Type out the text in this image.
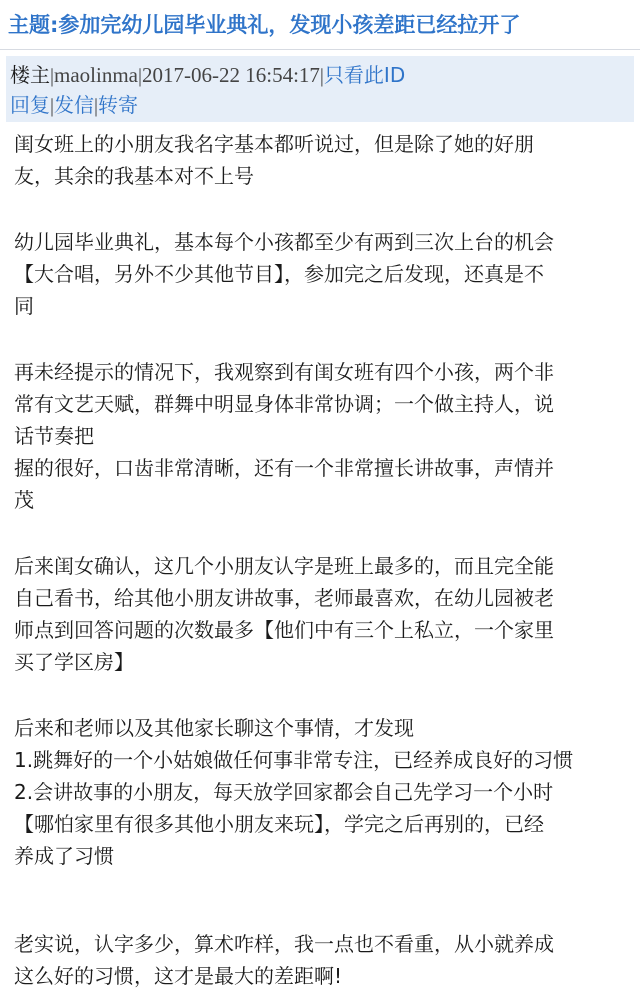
主题:参加完幼儿园毕业典礼，发现小孩差距已经拉开了
楼主|maolinma|2017-06-22 16:54:17|只看此ID
回复|发信|转寄
闺女班上的小朋友我名字基本都听说过，但是除了她的好朋
友，其余的我基本对不上号
幼儿园毕业典礼，基本每个小孩都至少有两到三次上台的机会
【大合唱，另外不少其他节目】，参加完之后发现，还真是不
同
再未经提示的情况下，我观察到有闺女班有四个小孩，两个非
常有文艺天赋，群舞中明显身体非常协调；一个做主持人，说
话节奏把
握的很好，口齿非常清晰，还有一个非常擅长讲故事，声情并
茂
后来闺女确认，这几个小朋友认字是班上最多的，而且完全能
自己看书，给其他小朋友讲故事，老师最喜欢，在幼儿园被老
师点到回答问题的次数最多【他们中有三个上私立，一个家里
买了学区房】
后来和老师以及其他家长聊这个事情，才发现
1.跳舞好的一个小姑娘做任何事非常专注，已经养成良好的习惯
2.会讲故事的小朋友，每天放学回家都会自己先学习一个小时
【哪怕家里有很多其他小朋友来玩】，学完之后再别的，已经
养成了习惯
老实说，认字多少，算术咋样，我一点也不看重，从小就养成
这么好的习惯，这才是最大的差距啊!
